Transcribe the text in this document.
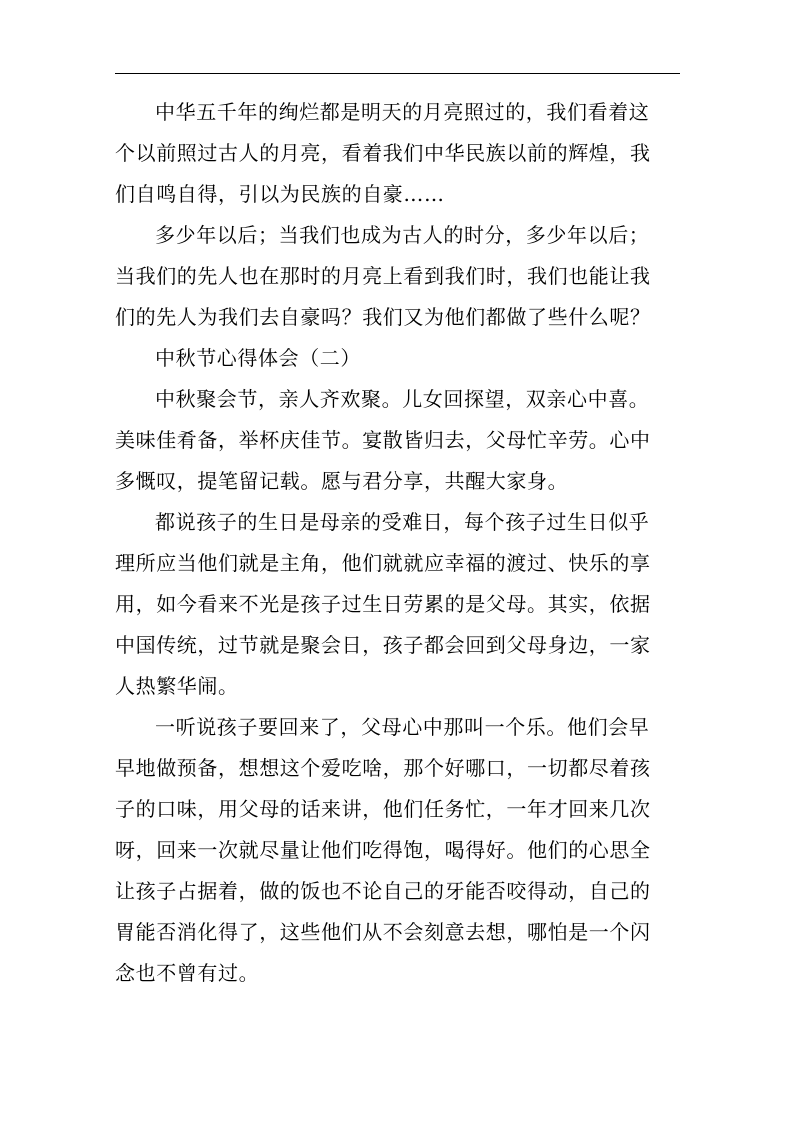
中华五千年的绚烂都是明天的月亮照过的，我们看着这
个以前照过古人的月亮，看着我们中华民族以前的辉煌，我
们自鸣自得，引以为民族的自豪……

多少年以后；当我们也成为古人的时分，多少年以后；
当我们的先人也在那时的月亮上看到我们时，我们也能让我
们的先人为我们去自豪吗？我们又为他们都做了些什么呢？

中秋节心得体会（二）

中秋聚会节，亲人齐欢聚。儿女回探望，双亲心中喜。
美味佳肴备，举杯庆佳节。宴散皆归去，父母忙辛劳。心中
多慨叹，提笔留记载。愿与君分享，共醒大家身。

都说孩子的生日是母亲的受难日，每个孩子过生日似乎
理所应当他们就是主角，他们就就应幸福的渡过、快乐的享
用，如今看来不光是孩子过生日劳累的是父母。其实，依据
中国传统，过节就是聚会日，孩子都会回到父母身边，一家
人热繁华闹。

一听说孩子要回来了，父母心中那叫一个乐。他们会早
早地做预备，想想这个爱吃啥，那个好哪口，一切都尽着孩
子的口味，用父母的话来讲，他们任务忙，一年才回来几次
呀，回来一次就尽量让他们吃得饱，喝得好。他们的心思全
让孩子占据着，做的饭也不论自己的牙能否咬得动，自己的
胃能否消化得了，这些他们从不会刻意去想，哪怕是一个闪
念也不曾有过。
